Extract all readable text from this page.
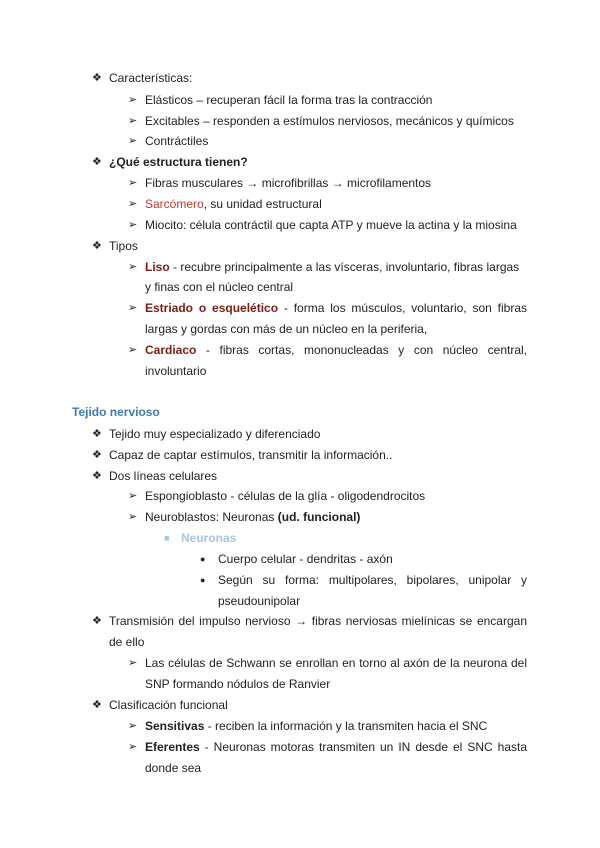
❖ Características:
➢ Elásticos – recuperan fácil la forma tras la contracción
➢ Excitables – responden a estímulos nerviosos, mecánicos y químicos
➢ Contráctiles
❖ ¿Qué estructura tienen?
➢ Fibras musculares → microfibrillas → microfilamentos
➢ Sarcómero, su unidad estructural
➢ Miocito: célula contráctil que capta ATP y mueve la actina y la miosina
❖ Tipos
➢ Liso - recubre principalmente a las vísceras, involuntario, fibras largas
y finas con el núcleo central
➢ Estriado o esquelético - forma los músculos, voluntario, son fibras
largas y gordas con más de un núcleo en la periferia,
➢ Cardiaco - fibras cortas, mononucleadas y con núcleo central,
involuntario
Tejido nervioso
❖ Tejido muy especializado y diferenciado
❖ Capaz de captar estímulos, transmitir la información..
❖ Dos líneas celulares
➢ Espongioblasto - células de la glía - oligodendrocitos
➢ Neuroblastos: Neuronas (ud. funcional)
■ Neuronas
● Cuerpo celular - dendritas - axón
● Según su forma: multipolares, bipolares, unipolar y
pseudounipolar
❖ Transmisión del impulso nervioso → fibras nerviosas mielínicas se encargan
de ello
➢ Las células de Schwann se enrollan en torno al axón de la neurona del
SNP formando nódulos de Ranvier
❖ Clasificación funcional
➢ Sensitivas - reciben la información y la transmiten hacia el SNC
➢ Eferentes - Neuronas motoras transmiten un IN desde el SNC hasta
donde sea
